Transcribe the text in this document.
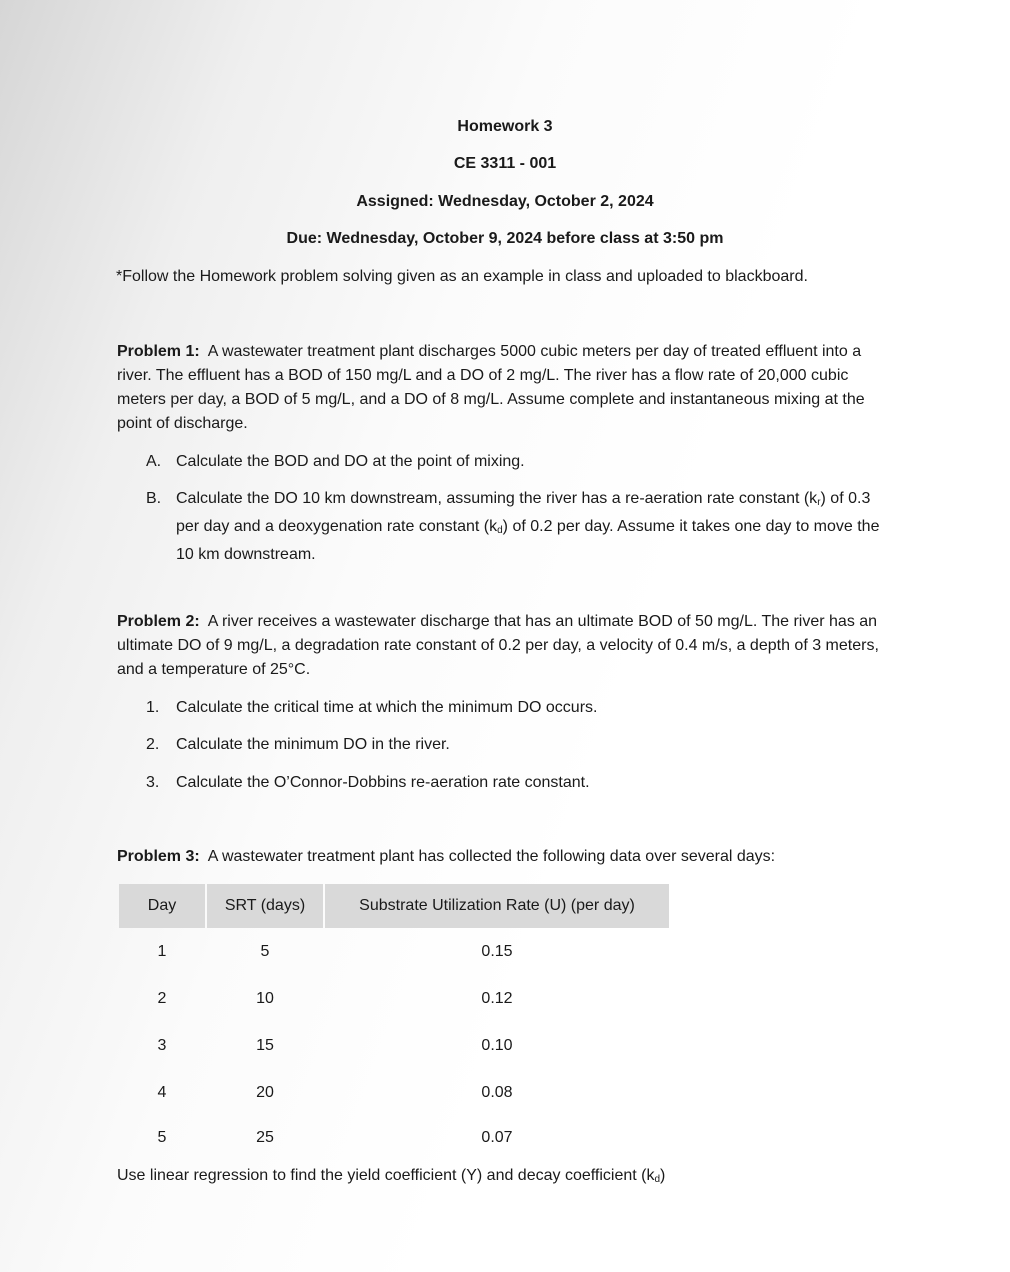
Homework 3
CE 3311 - 001
Assigned: Wednesday, October 2, 2024
Due: Wednesday, October 9, 2024 before class at 3:50 pm
*Follow the Homework problem solving given as an example in class and uploaded to blackboard.
Problem 1: A wastewater treatment plant discharges 5000 cubic meters per day of treated effluent into a river. The effluent has a BOD of 150 mg/L and a DO of 2 mg/L. The river has a flow rate of 20,000 cubic meters per day, a BOD of 5 mg/L, and a DO of 8 mg/L. Assume complete and instantaneous mixing at the point of discharge.
A. Calculate the BOD and DO at the point of mixing.
B. Calculate the DO 10 km downstream, assuming the river has a re-aeration rate constant $(k_r)$ of 0.3 per day and a deoxygenation rate constant $(k_d)$ of 0.2 per day. Assume it takes one day to move the 10 km downstream.
Problem 2: A river receives a wastewater discharge that has an ultimate BOD of 50 mg/L. The river has an ultimate DO of 9 mg/L, a degradation rate constant of 0.2 per day, a velocity of 0.4 m/s, a depth of 3 meters, and a temperature of 25°C.
1.	Calculate the critical time at which the minimum DO occurs.
2.	Calculate the minimum DO in the river.
3.	Calculate the O’Connor-Dobbins re-aeration rate constant.
Problem 3: A wastewater treatment plant has collected the following data over several days:
Day	SRT (days)	Substrate Utilization Rate (U) (per day)
1	5	0.15
2	10	0.12
3	15	0.10
4	20	0.08
5	25	0.07
Use linear regression to find the yield coefficient (Y) and decay coefficient $(k_d)$
